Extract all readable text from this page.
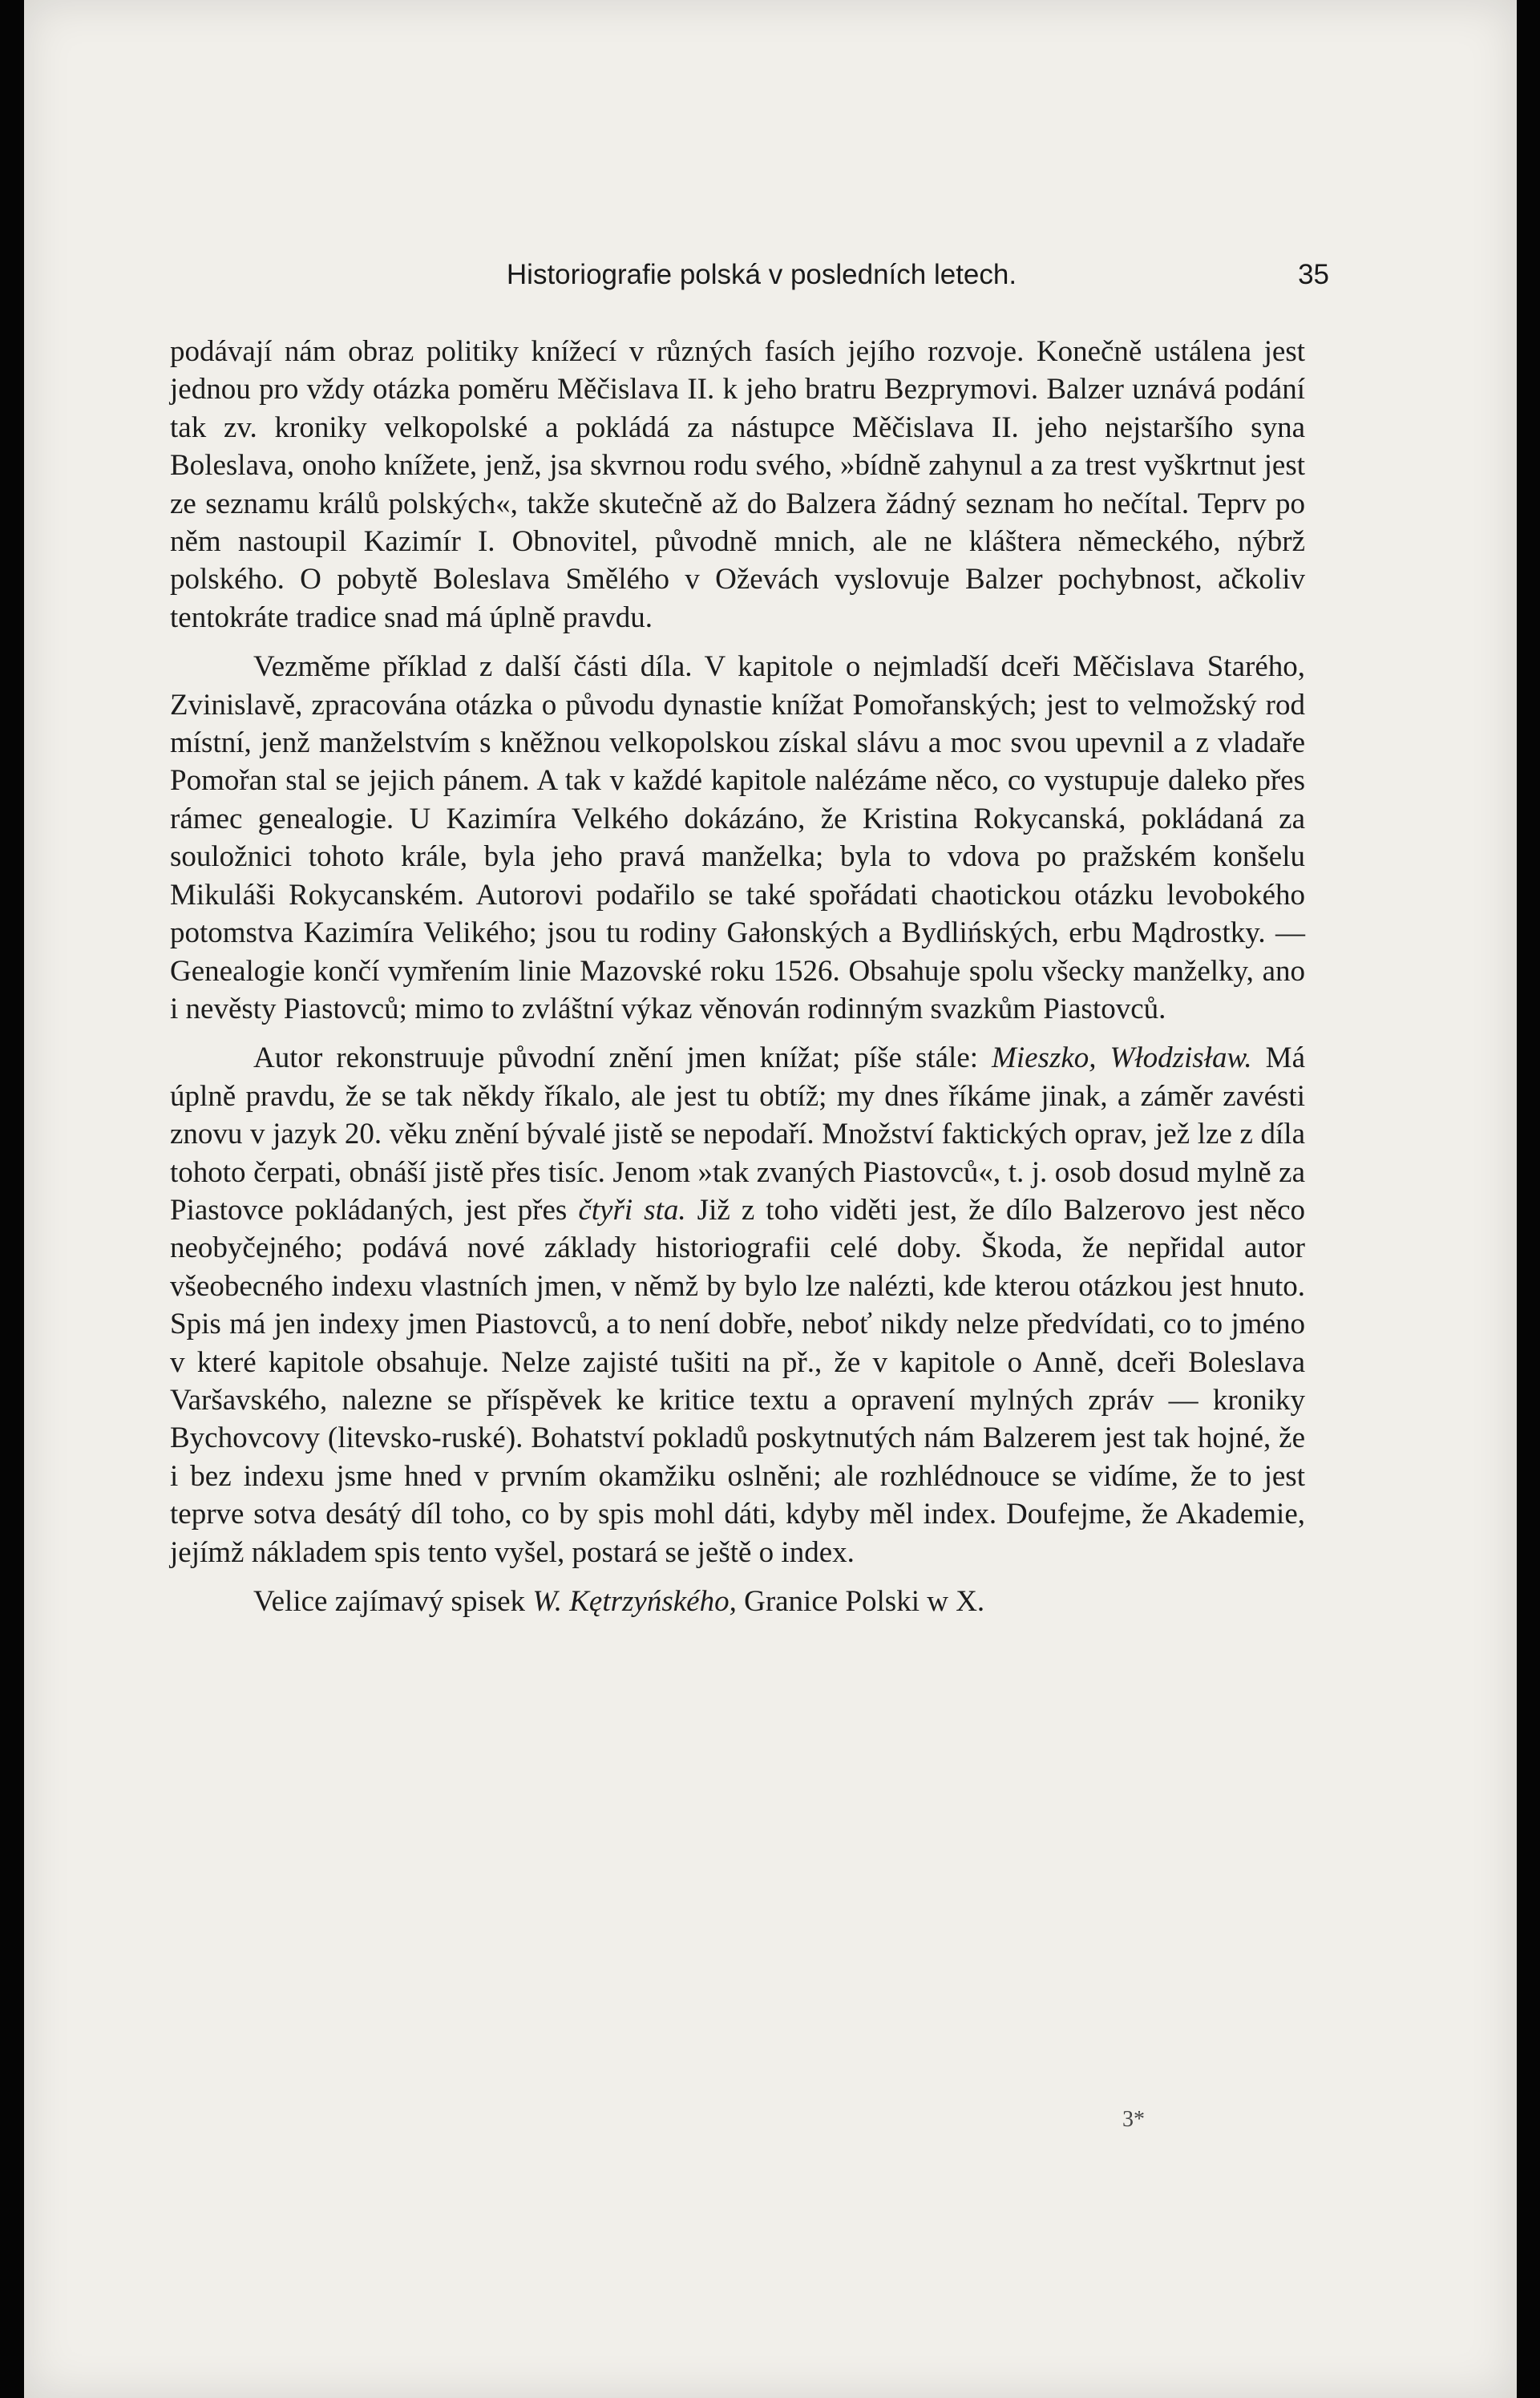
Historiografie polská v posledních letech.	35

podávají nám obraz politiky knížecí v různých fasích jejího rozvoje. Konečně ustálena jest jednou pro vždy otázka poměru Měčislava II. k jeho bratru Bezprymovi. Balzer uznává podání tak zv. kroniky velkopolské a pokládá za nástupce Měčislava II. jeho nejstaršího syna Boleslava, onoho knížete, jenž, jsa skvrnou rodu svého, »bídně zahynul a za trest vyškrtnut jest ze seznamu králů polských«, takže skutečně až do Balzera žádný seznam ho nečítal. Teprv po něm nastoupil Kazimír I. Obnovitel, původně mnich, ale ne kláštera německého, nýbrž polského. O pobytě Boleslava Smělého v Oževách vyslovuje Balzer pochybnost, ačkoliv tentokráte tradice snad má úplně pravdu.

Vezměme příklad z další části díla. V kapitole o nejmladší dceři Měčislava Starého, Zvinislavě, zpracována otázka o původu dynastie knížat Pomořanských; jest to velmožský rod místní, jenž manželstvím s kněžnou velkopolskou získal slávu a moc svou upevnil a z vladaře Pomořan stal se jejich pánem. A tak v každé kapitole nalézáme něco, co vystupuje daleko přes rámec genealogie. U Kazimíra Velkého dokázáno, že Kristina Rokycanská, pokládaná za souložnici tohoto krále, byla jeho pravá manželka; byla to vdova po pražském konšelu Mikuláši Rokycanském. Autorovi podařilo se také spořádati chaotickou otázku levobokého potomstva Kazimíra Velikého; jsou tu rodiny Gałonských a Bydlińských, erbu Mądrostky. — Genealogie končí vymřením linie Mazovské roku 1526. Obsahuje spolu všecky manželky, ano i nevěsty Piastovců; mimo to zvláštní výkaz věnován rodinným svazkům Piastovců.

Autor rekonstruuje původní znění jmen knížat; píše stále: Mieszko, Włodzisław. Má úplně pravdu, že se tak někdy říkalo, ale jest tu obtíž; my dnes říkáme jinak, a záměr zavésti znovu v jazyk 20. věku znění bývalé jistě se nepodaří. Množství faktických oprav, jež lze z díla tohoto čerpati, obnáší jistě přes tisíc. Jenom »tak zvaných Piastovců«, t. j. osob dosud mylně za Piastovce pokládaných, jest přes čtyři sta. Již z toho viděti jest, že dílo Balzerovo jest něco neobyčejného; podává nové základy historiografii celé doby. Škoda, že nepřidal autor všeobecného indexu vlastních jmen, v němž by bylo lze nalézti, kde kterou otázkou jest hnuto. Spis má jen indexy jmen Piastovců, a to není dobře, neboť nikdy nelze předvídati, co to jméno v které kapitole obsahuje. Nelze zajisté tušiti na př., že v kapitole o Anně, dceři Boleslava Varšavského, nalezne se příspěvek ke kritice textu a opravení mylných zpráv — kroniky Bychovcovy (litevsko-ruské). Bohatství pokladů poskytnutých nám Balzerem jest tak hojné, že i bez indexu jsme hned v prvním okamžiku oslněni; ale rozhlédnouce se vidíme, že to jest teprve sotva desátý díl toho, co by spis mohl dáti, kdyby měl index. Doufejme, že Akademie, jejímž nákladem spis tento vyšel, postará se ještě o index.

Velice zajímavý spisek W. Kętrzyńského, Granice Polski w X.

3*
